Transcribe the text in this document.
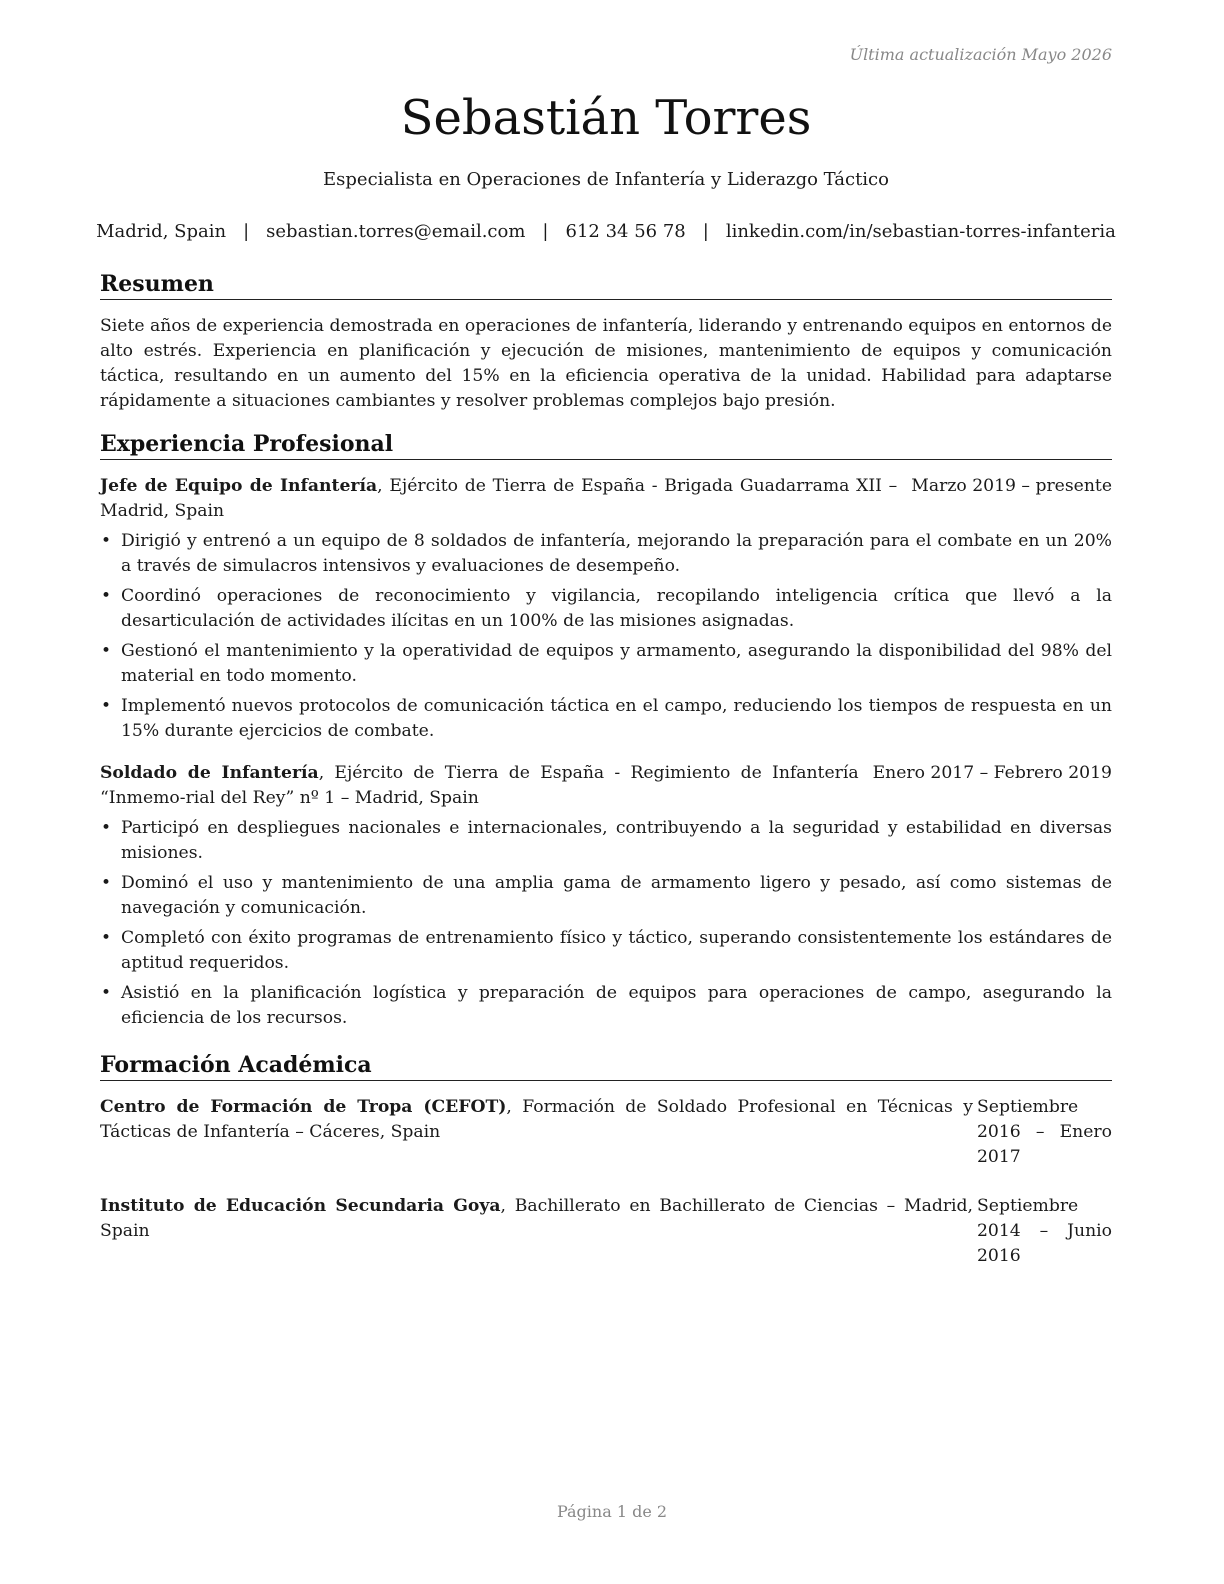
Última actualización Mayo 2026
Sebastián Torres
Especialista en Operaciones de Infantería y Liderazgo Táctico
Madrid, Spain | sebastian.torres@email.com | 612 34 56 78 | linkedin.com/in/sebastian-torres-infanteria
Resumen

Siete años de experiencia demostrada en operaciones de infantería, liderando y entrenando equipos en entornos de alto estrés. Experiencia en planificación y ejecución de misiones, mantenimiento de equipos y comunicación táctica, resultando en un aumento del 15% en la eficiencia operativa de la unidad. Habilidad para adaptarse rápidamente a situaciones cambiantes y resolver problemas complejos bajo presión.

Experiencia Profesional
Jefe de Equipo de Infantería, Ejército de Tierra de España - Brigada Guadarrama XII – Madrid, Spain
Marzo 2019 – presente
• Dirigió y entrenó a un equipo de 8 soldados de infantería, mejorando la preparación para el combate en un 20% a través de simulacros intensivos y evaluaciones de desempeño.
• Coordinó operaciones de reconocimiento y vigilancia, recopilando inteligencia crítica que llevó a la desarticulación de actividades ilícitas en un 100% de las misiones asignadas.
• Gestionó el mantenimiento y la operatividad de equipos y armamento, asegurando la disponibilidad del 98% del material en todo momento.
• Implementó nuevos protocolos de comunicación táctica en el campo, reduciendo los tiempos de respuesta en un 15% durante ejercicios de combate.
Soldado de Infantería, Ejército de Tierra de España - Regimiento de Infantería “Inmemo-rial del Rey” nº 1 – Madrid, Spain
Enero 2017 – Febrero 2019
• Participó en despliegues nacionales e internacionales, contribuyendo a la seguridad y estabilidad en diversas misiones.
• Dominó el uso y mantenimiento de una amplia gama de armamento ligero y pesado, así como sistemas de navegación y comunicación.
• Completó con éxito programas de entrenamiento físico y táctico, superando consistentemente los estándares de aptitud requeridos.
• Asistió en la planificación logística y preparación de equipos para operaciones de campo, asegurando la eficiencia de los recursos.
Formación Académica
Centro de Formación de Tropa (CEFOT), Formación de Soldado Profesional en Técnicas y Tácticas de Infantería – Cáceres, Spain
Septiembre 2016 – Enero 2017
Instituto de Educación Secundaria Goya, Bachillerato en Bachillerato de Ciencias – Madrid, Spain
Septiembre 2014 – Junio 2016
Página 1 de 2
